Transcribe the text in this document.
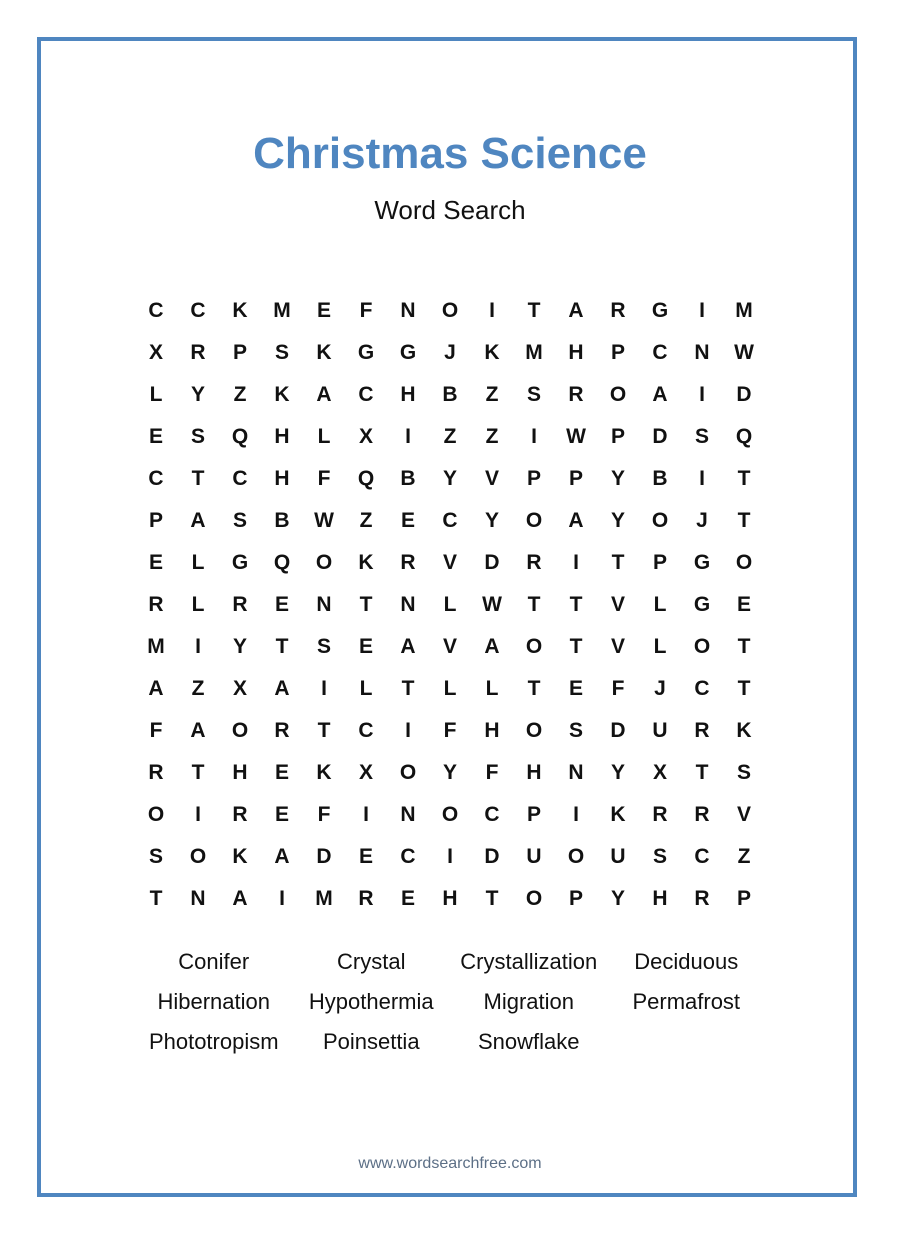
Christmas Science
Word Search
C	C	K	M	E	F	N	O	I	T	A	R	G	I	M
X	R	P	S	K	G	G	J	K	M	H	P	C	N	W
L	Y	Z	K	A	C	H	B	Z	S	R	O	A	I	D
E	S	Q	H	L	X	I	Z	Z	I	W	P	D	S	Q
C	T	C	H	F	Q	B	Y	V	P	P	Y	B	I	T
P	A	S	B	W	Z	E	C	Y	O	A	Y	O	J	T
E	L	G	Q	O	K	R	V	D	R	I	T	P	G	O
R	L	R	E	N	T	N	L	W	T	T	V	L	G	E
M	I	Y	T	S	E	A	V	A	O	T	V	L	O	T
A	Z	X	A	I	L	T	L	L	T	E	F	J	C	T
F	A	O	R	T	C	I	F	H	O	S	D	U	R	K
R	T	H	E	K	X	O	Y	F	H	N	Y	X	T	S
O	I	R	E	F	I	N	O	C	P	I	K	R	R	V
S	O	K	A	D	E	C	I	D	U	O	U	S	C	Z
T	N	A	I	M	R	E	H	T	O	P	Y	H	R	P
Conifer	Crystal	Crystallization	Deciduous
Hibernation	Hypothermia	Migration	Permafrost
Phototropism	Poinsettia	Snowflake
www.wordsearchfree.com
